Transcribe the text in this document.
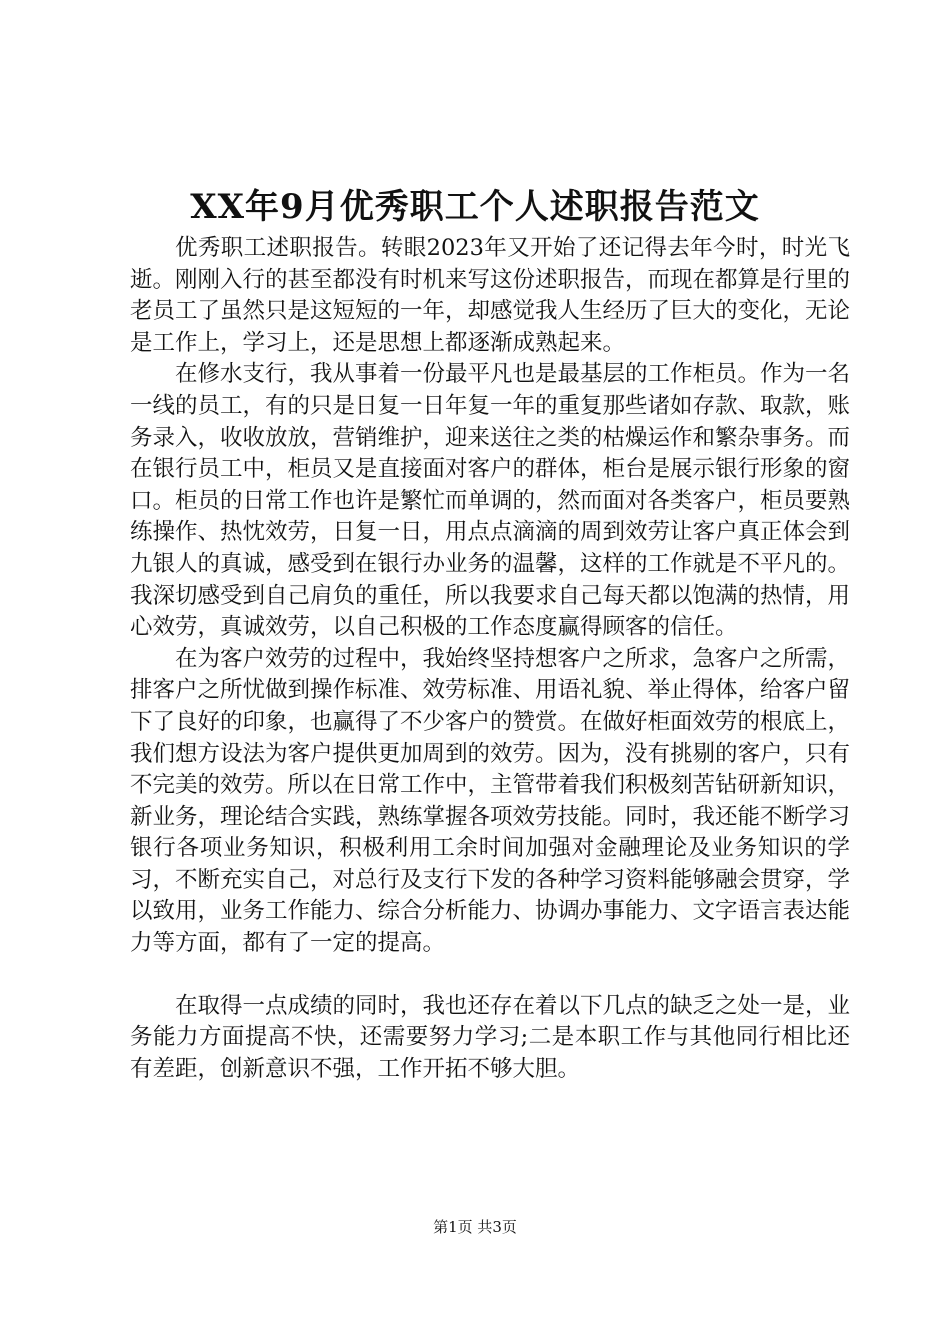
XX年9月优秀职工个人述职报告范文

优秀职工述职报告。转眼2023年又开始了还记得去年今时，时光飞逝。刚刚入行的甚至都没有时机来写这份述职报告，而现在都算是行里的老员工了虽然只是这短短的一年，却感觉我人生经历了巨大的变化，无论是工作上，学习上，还是思想上都逐渐成熟起来。

在修水支行，我从事着一份最平凡也是最基层的工作柜员。作为一名一线的员工，有的只是日复一日年复一年的重复那些诸如存款、取款，账务录入，收收放放，营销维护，迎来送往之类的枯燥运作和繁杂事务。而在银行员工中，柜员又是直接面对客户的群体，柜台是展示银行形象的窗口。柜员的日常工作也许是繁忙而单调的，然而面对各类客户，柜员要熟练操作、热忱效劳，日复一日，用点点滴滴的周到效劳让客户真正体会到九银人的真诚，感受到在银行办业务的温馨，这样的工作就是不平凡的。我深切感受到自己肩负的重任，所以我要求自己每天都以饱满的热情，用心效劳，真诚效劳，以自己积极的工作态度赢得顾客的信任。

在为客户效劳的过程中，我始终坚持想客户之所求，急客户之所需，排客户之所忧做到操作标准、效劳标准、用语礼貌、举止得体，给客户留下了良好的印象，也赢得了不少客户的赞赏。在做好柜面效劳的根底上，我们想方设法为客户提供更加周到的效劳。因为，没有挑剔的客户，只有不完美的效劳。所以在日常工作中，主管带着我们积极刻苦钻研新知识，新业务，理论结合实践，熟练掌握各项效劳技能。同时，我还能不断学习银行各项业务知识，积极利用工余时间加强对金融理论及业务知识的学习，不断充实自己，对总行及支行下发的各种学习资料能够融会贯穿，学以致用，业务工作能力、综合分析能力、协调办事能力、文字语言表达能力等方面，都有了一定的提高。

在取得一点成绩的同时，我也还存在着以下几点的缺乏之处一是，业务能力方面提高不快，还需要努力学习;二是本职工作与其他同行相比还有差距，创新意识不强，工作开拓不够大胆。

第1页 共3页
